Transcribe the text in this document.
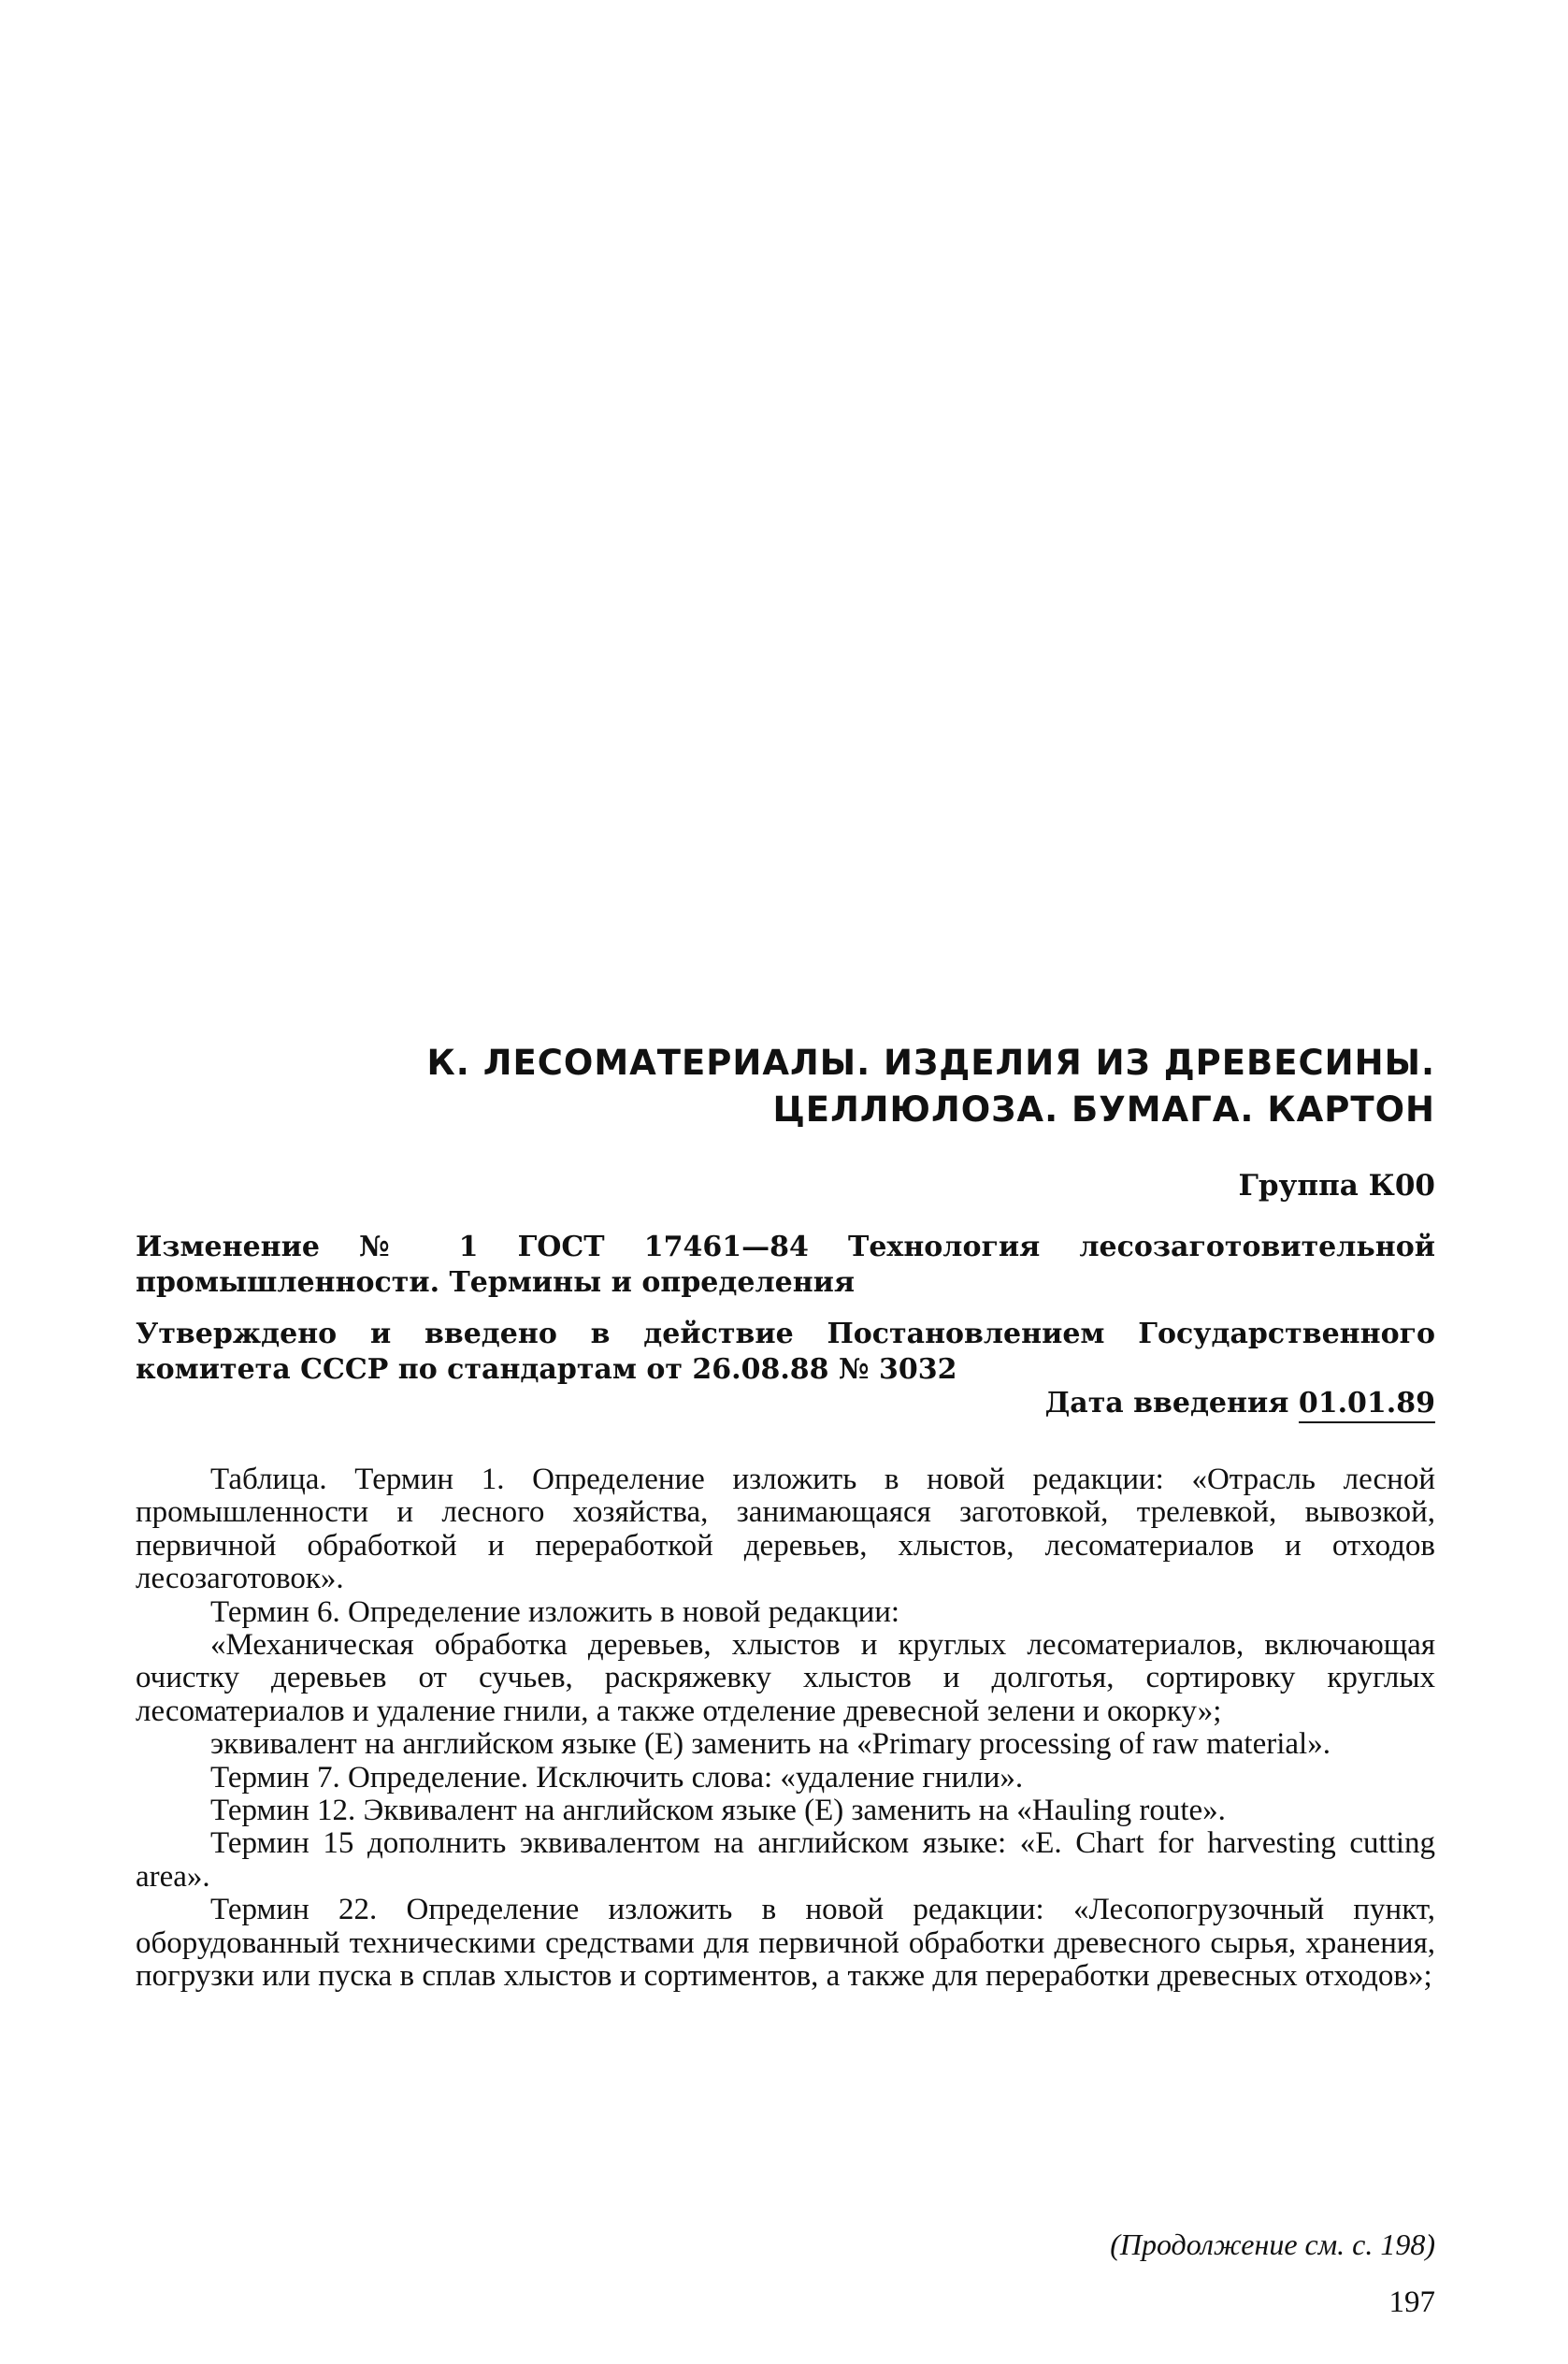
К. ЛЕСОМАТЕРИАЛЫ. ИЗДЕЛИЯ ИЗ ДРЕВЕСИНЫ.
ЦЕЛЛЮЛОЗА. БУМАГА. КАРТОН
Группа К00
Изменение № 1 ГОСТ 17461—84 Технология лесозаготовительной промышленности. Термины и определения
Утверждено и введено в действие Постановлением Государственного комитета СССР по стандартам от 26.08.88 № 3032
Дата введения 01.01.89

Таблица. Термин 1. Определение изложить в новой редакции: «Отрасль лесной промышленности и лесного хозяйства, занимающаяся заготовкой, трелевкой, вывозкой, первичной обработкой и переработкой деревьев, хлыстов, лесоматериалов и отходов лесозаготовок».

Термин 6. Определение изложить в новой редакции:

«Механическая обработка деревьев, хлыстов и круглых лесоматериалов, включающая очистку деревьев от сучьев, раскряжевку хлыстов и долготья, сортировку круглых лесоматериалов и удаление гнили, а также отделение древесной зелени и окорку»;

эквивалент на английском языке (E) заменить на «Primary processing of raw material».

Термин 7. Определение. Исключить слова: «удаление гнили».

Термин 12. Эквивалент на английском языке (E) заменить на «Hauling route».

Термин 15 дополнить эквивалентом на английском языке: «E. Chart for harvesting cutting area».

Термин 22. Определение изложить в новой редакции: «Лесопогрузочный пункт, оборудованный техническими средствами для первичной обработки древесного сырья, хранения, погрузки или пуска в сплав хлыстов и сортиментов, а также для переработки древесных отходов»;

(Продолжение см. с. 198)
197
